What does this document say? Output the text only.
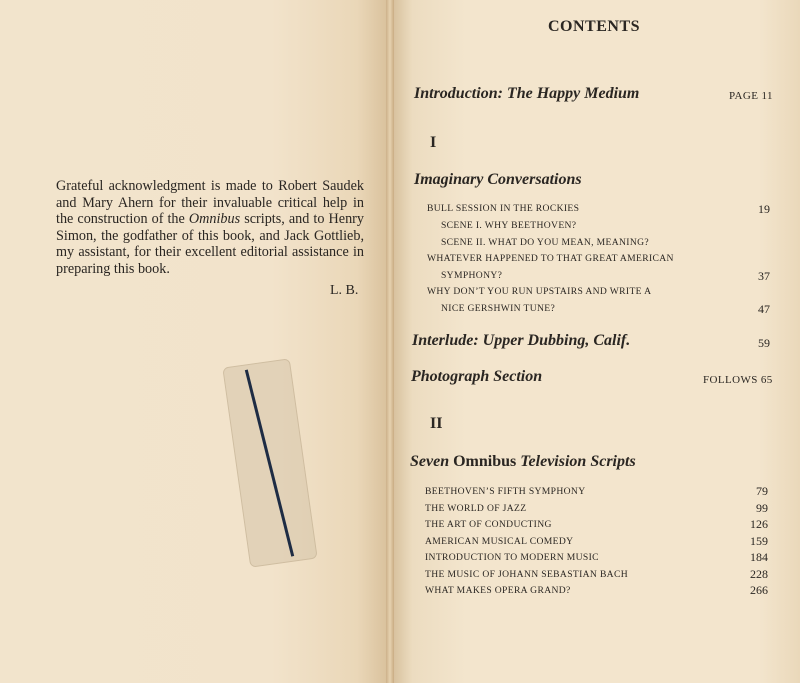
Grateful acknowledgment is made to Robert Saudek and Mary Ahern for their invaluable critical help in the construction of the Omnibus scripts, and to Henry Simon, the godfather of this book, and Jack Gottlieb, my assistant, for their excellent editorial assistance in preparing this book.

L. B.
CONTENTS
Introduction: The Happy Medium	PAGE 11
I
Imaginary Conversations
BULL SESSION IN THE ROCKIES	19
SCENE I. WHY BEETHOVEN?
SCENE II. WHAT DO YOU MEAN, MEANING?
WHATEVER HAPPENED TO THAT GREAT AMERICAN
SYMPHONY?	37
WHY DON’T YOU RUN UPSTAIRS AND WRITE A
NICE GERSHWIN TUNE?	47
Interlude: Upper Dubbing, Calif.	59
Photograph Section	FOLLOWS 65
II
Seven Omnibus Television Scripts
BEETHOVEN’S FIFTH SYMPHONY	79
THE WORLD OF JAZZ	99
THE ART OF CONDUCTING	126
AMERICAN MUSICAL COMEDY	159
INTRODUCTION TO MODERN MUSIC	184
THE MUSIC OF JOHANN SEBASTIAN BACH	228
WHAT MAKES OPERA GRAND?	266
